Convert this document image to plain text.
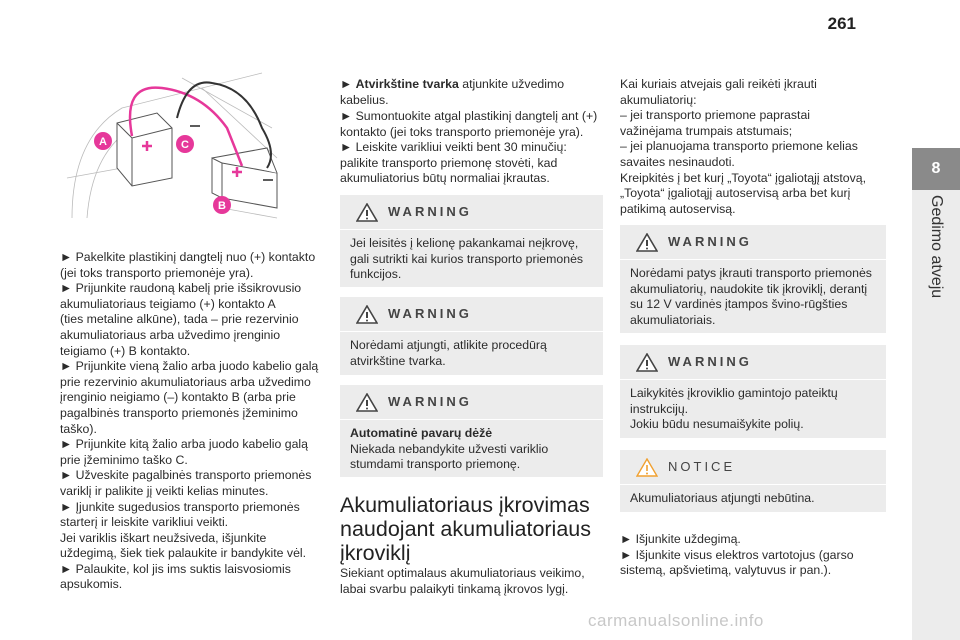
261
8
Gedimo atveju
A	C
B

► Pakelkite plastikinį dangtelį nuo (+) kontakto (jei toks transporto priemonėje yra).
► Prijunkite raudoną kabelį prie išsikrovusio akumuliatoriaus teigiamo (+) kontakto A
(ties metaline alkūne), tada – prie rezervinio akumuliatoriaus arba užvedimo įrenginio teigiamo (+) B kontakto.
► Prijunkite vieną žalio arba juodo kabelio galą prie rezervinio akumuliatoriaus arba užvedimo įrenginio neigiamo (–) kontakto B (arba prie pagalbinės transporto priemonės įžeminimo taško).
► Prijunkite kitą žalio arba juodo kabelio galą prie įžeminimo taško C.
► Užveskite pagalbinės transporto priemonės variklį ir palikite jį veikti kelias minutes.
► Įjunkite sugedusios transporto priemonės starterį ir leiskite varikliui veikti.
Jei variklis iškart neužsiveda, išjunkite uždegimą, šiek tiek palaukite ir bandykite vėl.
► Palaukite, kol jis ims suktis laisvosiomis apsukomis.

► Atvirkštine tvarka atjunkite užvedimo kabelius.

► Sumontuokite atgal plastikinį dangtelį ant (+) kontakto (jei toks transporto priemonėje yra).
► Leiskite varikliui veikti bent 30 minučių: palikite transporto priemonę stovėti, kad akumuliatorius būtų normaliai įkrautas.

WARNING
Jei leisitės į kelionę pakankamai neįkrovę, gali sutrikti kai kurios transporto priemonės funkcijos.
WARNING
Norėdami atjungti, atlikite procedūrą atvirkštine tvarka.
WARNING
Automatinė pavarų dėžė
Niekada nebandykite užvesti variklio stumdami transporto priemonę.
Akumuliatoriaus įkrovimas naudojant akumuliatoriaus įkroviklį

Siekiant optimalaus akumuliatoriaus veikimo, labai svarbu palaikyti tinkamą įkrovos lygį.

Kai kuriais atvejais gali reikėti įkrauti akumuliatorių:
– jei transporto priemone paprastai važinėjama trumpais atstumais;
– jei planuojama transporto priemone kelias savaites nesinaudoti.
Kreipkitės į bet kurį „Toyota“ įgaliotąjį atstovą, „Toyota“ įgaliotąjį autoservisą arba bet kurį patikimą autoservisą.

WARNING
Norėdami patys įkrauti transporto priemonės akumuliatorių, naudokite tik įkroviklį, derantį su 12 V vardinės įtampos švino-rūgšties akumuliatoriais.
WARNING
Laikykitės įkroviklio gamintojo pateiktų instrukcijų.
Jokiu būdu nesumaišykite polių.
NOTICE
Akumuliatoriaus atjungti nebūtina.

► Išjunkite uždegimą.
► Išjunkite visus elektros vartotojus (garso sistemą, apšvietimą, valytuvus ir pan.).

carmanualsonline.info
